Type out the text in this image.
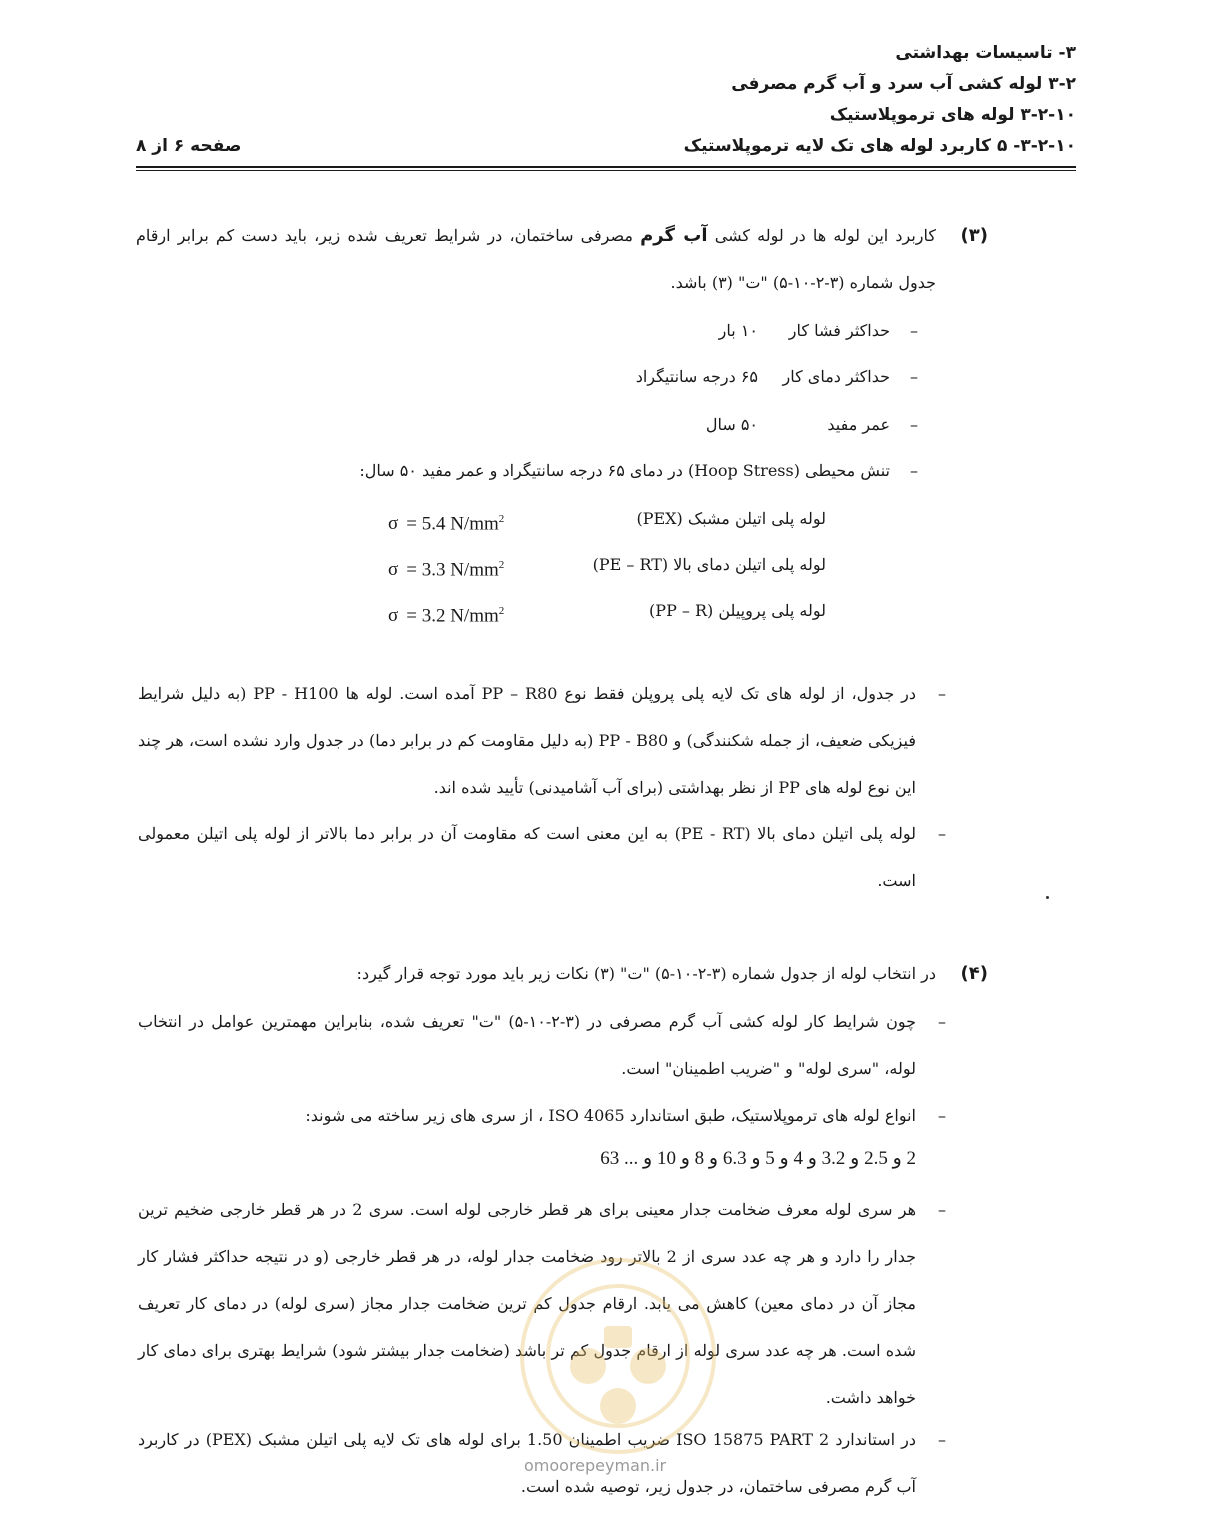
۳- تاسیسات بهداشتی
۳-۲ لوله کشی آب سرد و آب گرم مصرفی
۳-۲-۱۰ لوله های ترموپلاستیک
۳-۲-۱۰- ۵ کاربرد لوله های تک لایه ترموپلاستیک
صفحه ۶ از ۸
(۳)
کاربرد این لوله ها در لوله کشی آب گرم مصرفی ساختمان، در شرایط تعریف شده زیر، باید دست کم برابر ارقام جدول شماره (۳-۲-۱۰-۵) "ت" (۳) باشد.
–حداکثر فشا کار
۱۰ بار
–حداکثر دمای کار
۶۵ درجه سانتیگراد
–عمر مفید
۵۰ سال
–تنش محیطی (Hoop Stress) در دمای ۶۵ درجه سانتیگراد و عمر مفید ۵۰ سال:
لوله پلی اتیلن مشبک (PEX)
σ = 5.4 $N/mm^2$
لوله پلی اتیلن دمای بالا (PE – RT)
σ = 3.3 $N/mm^2$
لوله پلی پروپیلن (PP – R)
σ = 3.2 $N/mm^2$
–
در جدول، از لوله های تک لایه پلی پروپلن فقط نوع PP – R80 آمده است. لوله ها PP - H100 (به دلیل شرایط فیزیکی ضعیف، از جمله شکنندگی) و PP - B80 (به دلیل مقاومت کم در برابر دما) در جدول وارد نشده است، هر چند این نوع لوله های PP از نظر بهداشتی (برای آب آشامیدنی) تأیید شده اند.
–
لوله پلی اتیلن دمای بالا (PE - RT) به این معنی است که مقاومت آن در برابر دما بالاتر از لوله پلی اتیلن معمولی است.
(۴)
در انتخاب لوله از جدول شماره (۳-۲-۱۰-۵) "ت" (۳) نکات زیر باید مورد توجه قرار گیرد:
–
چون شرایط کار لوله کشی آب گرم مصرفی در (۳-۲-۱۰-۵) "ت" تعریف شده، بنابراین مهمترین عوامل در انتخاب لوله، "سری لوله" و "ضریب اطمینان" است.
–
انواع لوله های ترموپلاستیک، طبق استاندارد ISO 4065 ، از سری های زیر ساخته می شوند:
2 و 2.5 و 3.2 و 4 و 5 و 6.3 و 8 و 10 و ... 63
–
هر سری لوله معرف ضخامت جدار معینی برای هر قطر خارجی لوله است. سری 2 در هر قطر خارجی ضخیم ترین جدار را دارد و هر چه عدد سری از 2 بالاتر رود ضخامت جدار لوله، در هر قطر خارجی (و در نتیجه حداکثر فشار کار مجاز آن در دمای معین) کاهش می یابد. ارقام جدول کم ترین ضخامت جدار مجاز (سری لوله) در دمای کار تعریف شده است. هر چه عدد سری لوله از ارقام جدول کم تر باشد (ضخامت جدار بیشتر شود) شرایط بهتری برای دمای کار خواهد داشت.
–
در استاندارد ISO 15875 PART 2 ضریب اطمینان 1.50 برای لوله های تک لایه پلی اتیلن مشبک (PEX) در کاربرد آب گرم مصرفی ساختمان، در جدول زیر، توصیه شده است.
omoorepeyman.ir
